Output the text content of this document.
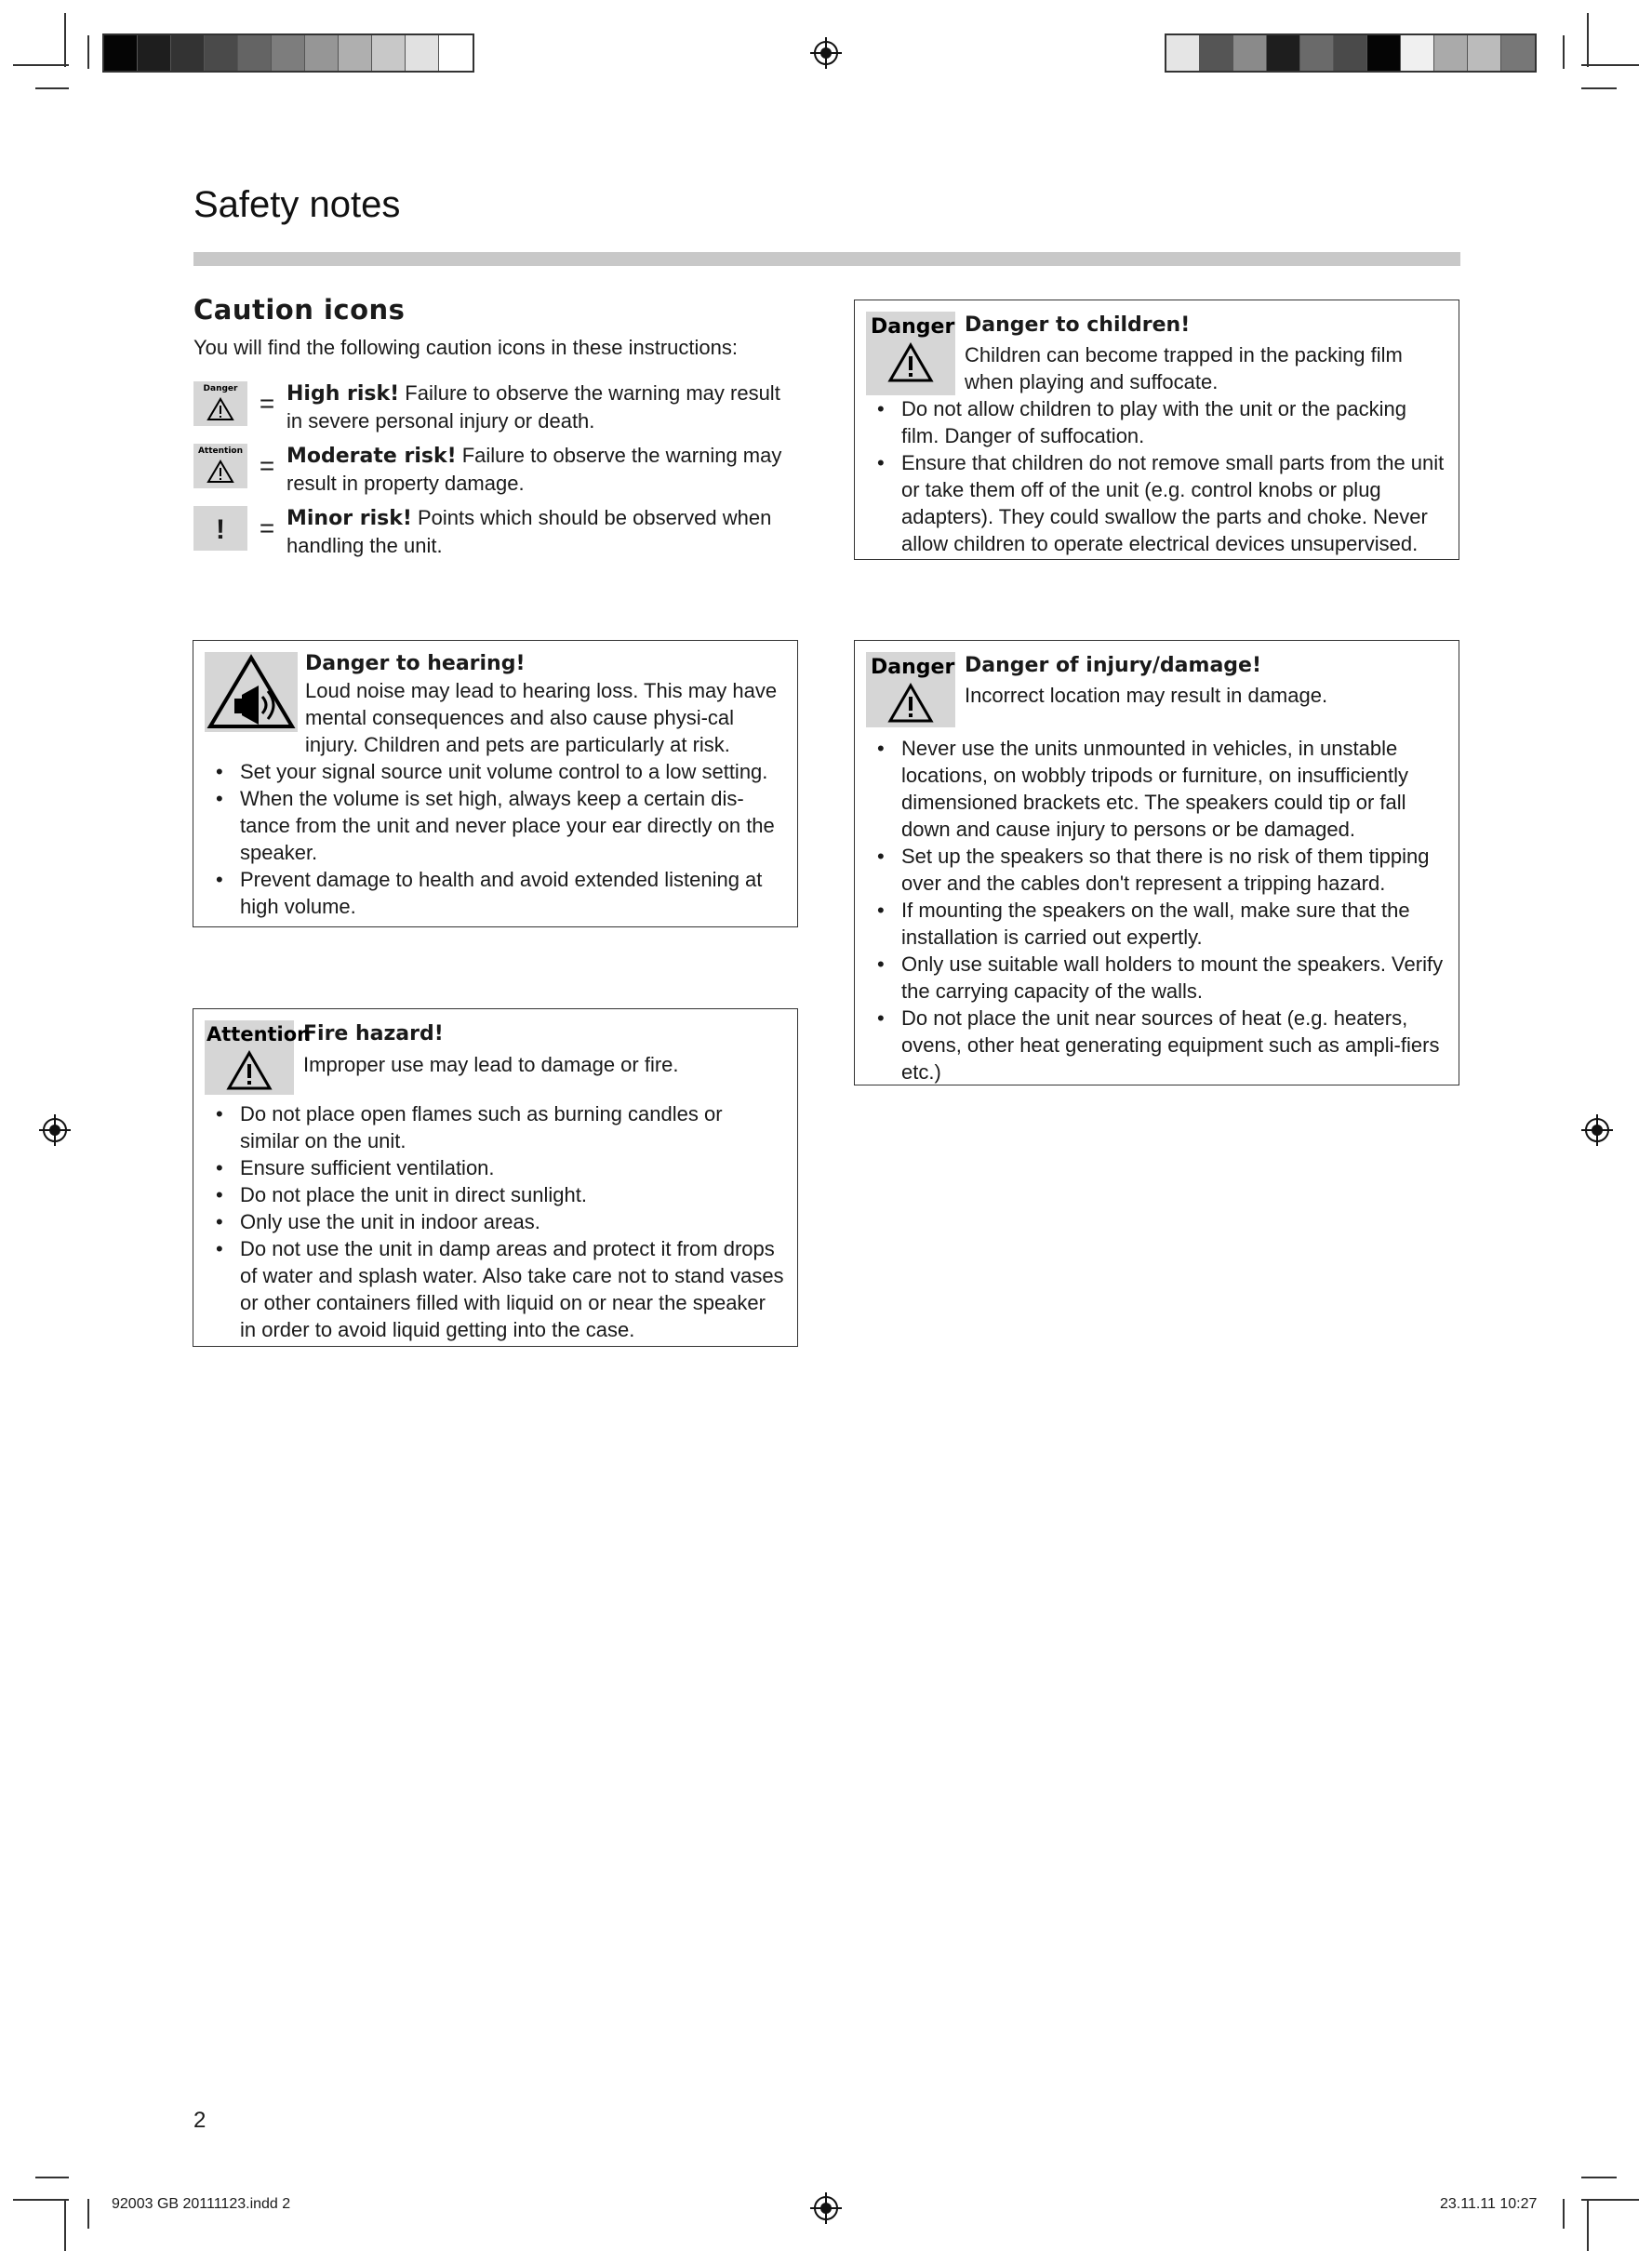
Safety notes
Caution icons

You will find the following caution icons in these instructions:

Danger = High risk! Failure to observe the warning may result in severe personal injury or death.
Attention = Moderate risk! Failure to observe the warning may result in property damage.
!	= Minor risk! Points which should be observed when handling the unit.
Danger to hearing!
Loud noise may lead to hearing loss. This may have mental consequences and also cause physi-cal injury. Children and pets are particularly at risk.
• Set your signal source unit volume control to a low setting.
• When the volume is set high, always keep a certain dis-tance from the unit and never place your ear directly on the speaker.
• Prevent damage to health and avoid extended listening at high volume.
Attention
Fire hazard!
Improper use may lead to damage or fire.
• Do not place open flames such as burning candles or similar on the unit.
• Ensure sufficient ventilation.
• Do not place the unit in direct sunlight.
• Only use the unit in indoor areas.
• Do not use the unit in damp areas and protect it from drops of water and splash water. Also take care not to stand vases or other containers filled with liquid on or near the speaker in order to avoid liquid getting into the case.
Danger Danger to children!
Children can become trapped in the packing film when playing and suffocate.
• Do not allow children to play with the unit or the packing film. Danger of suffocation.
• Ensure that children do not remove small parts from the unit or take them off of the unit (e.g. control knobs or plug adapters). They could swallow the parts and choke. Never allow children to operate electrical devices unsupervised.
Danger Danger of injury/damage!
Incorrect location may result in damage.
• Never use the units unmounted in vehicles, in unstable locations, on wobbly tripods or furniture, on insufficiently dimensioned brackets etc. The speakers could tip or fall down and cause injury to persons or be damaged.
• Set up the speakers so that there is no risk of them tipping over and the cables don't represent a tripping hazard.
• If mounting the speakers on the wall, make sure that the installation is carried out expertly.
• Only use suitable wall holders to mount the speakers. Verify the carrying capacity of the walls.
• Do not place the unit near sources of heat (e.g. heaters, ovens, other heat generating equipment such as ampli-fiers etc.)
2
92003 GB 20111123.indd 2	23.11.11 10:27
